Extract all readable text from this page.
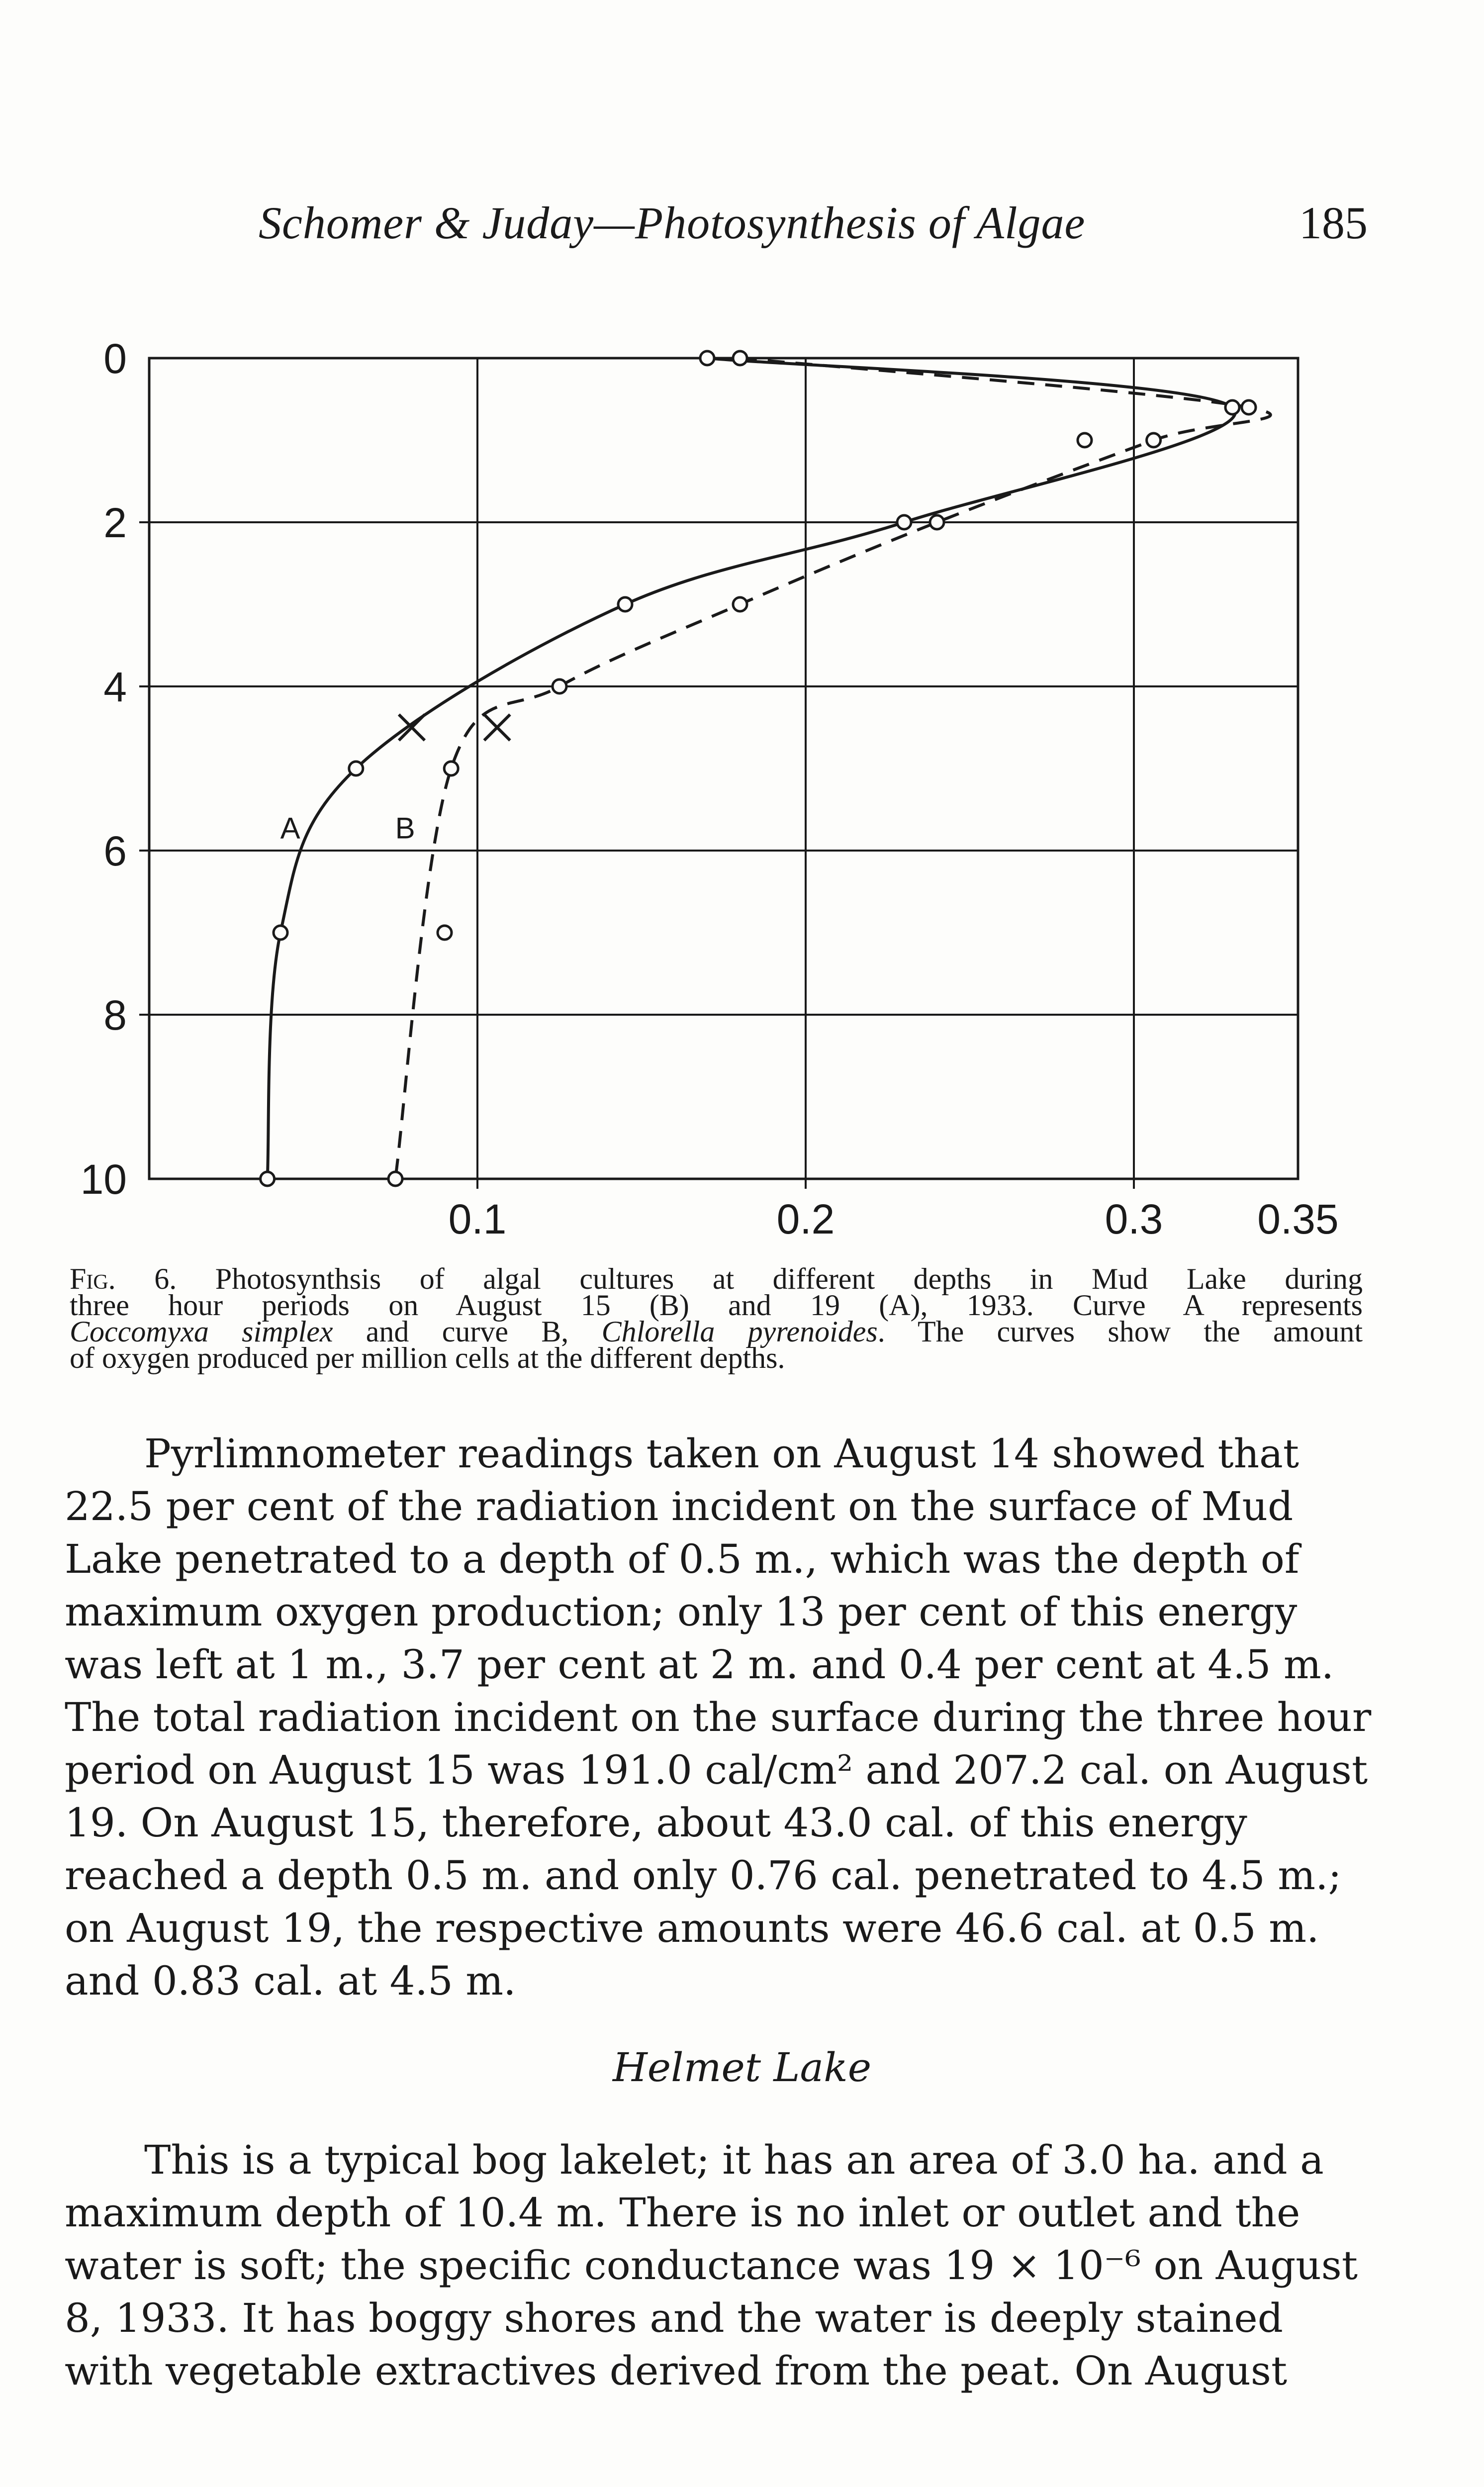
Schomer & Juday—Photosynthesis of Algae	185
0.1	0.2	0.3 0.35
0
2
4
6
8
10
A	B
Fig. 6. Photosynthsis of algal cultures at different depths in Mud Lake during
three hour periods on August 15 (B) and 19 (A), 1933. Curve A represents
Coccomyxa simplex and curve B, Chlorella pyrenoides. The curves show the amount
of oxygen produced per million cells at the different depths.
Pyrlimnometer readings taken on August 14 showed that
22.5 per cent of the radiation incident on the surface of Mud
Lake penetrated to a depth of 0.5 m., which was the depth of
maximum oxygen production; only 13 per cent of this energy
was left at 1 m., 3.7 per cent at 2 m. and 0.4 per cent at 4.5 m.
The total radiation incident on the surface during the three hour
period on August 15 was 191.0 cal/cm² and 207.2 cal. on August
19. On August 15, therefore, about 43.0 cal. of this energy
reached a depth 0.5 m. and only 0.76 cal. penetrated to 4.5 m.;
on August 19, the respective amounts were 46.6 cal. at 0.5 m.
and 0.83 cal. at 4.5 m.
Helmet Lake
This is a typical bog lakelet; it has an area of 3.0 ha. and a
maximum depth of 10.4 m. There is no inlet or outlet and the
water is soft; the specific conductance was 19 × 10⁻⁶ on August
8, 1933. It has boggy shores and the water is deeply stained
with vegetable extractives derived from the peat. On August
